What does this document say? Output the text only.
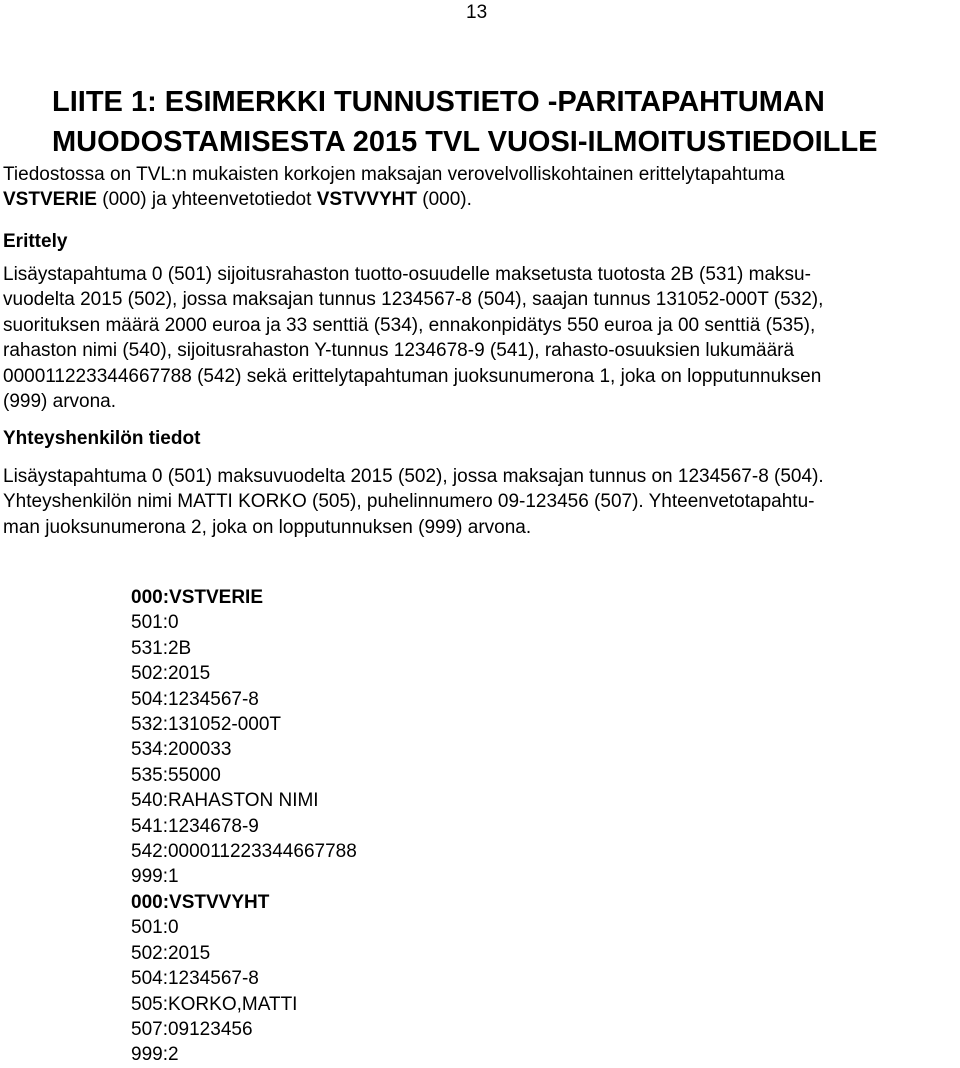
13
LIITE 1: ESIMERKKI TUNNUSTIETO -PARITAPAHTUMAN
MUODOSTAMISESTA 2015 TVL VUOSI-ILMOITUSTIEDOILLE

Tiedostossa on TVL:n mukaisten korkojen maksajan verovelvolliskohtainen erittelytapahtuma
VSTVERIE (000) ja yhteenvetotiedot VSTVVYHT (000).

Erittely

Lisäystapahtuma 0 (501) sijoitusrahaston tuotto-osuudelle maksetusta tuotosta 2B (531) maksu-
vuodelta 2015 (502), jossa maksajan tunnus 1234567-8 (504), saajan tunnus 131052-000T (532),
suorituksen määrä 2000 euroa ja 33 senttiä (534), ennakonpidätys 550 euroa ja 00 senttiä (535),
rahaston nimi (540), sijoitusrahaston Y-tunnus 1234678-9 (541), rahasto-osuuksien lukumäärä
000011223344667788 (542) sekä erittelytapahtuman juoksunumerona 1, joka on lopputunnuksen
(999) arvona.

Yhteyshenkilön tiedot

Lisäystapahtuma 0 (501) maksuvuodelta 2015 (502), jossa maksajan tunnus on 1234567-8 (504).
Yhteyshenkilön nimi MATTI KORKO (505), puhelinnumero 09-123456 (507). Yhteenvetotapahtu-
man juoksunumerona 2, joka on lopputunnuksen (999) arvona.

000:VSTVERIE
501:0
531:2B
502:2015
504:1234567-8
532:131052-000T
534:200033
535:55000
540:RAHASTON NIMI
541:1234678-9
542:000011223344667788
999:1
000:VSTVVYHT
501:0
502:2015
504:1234567-8
505:KORKO,MATTI
507:09123456
999:2
